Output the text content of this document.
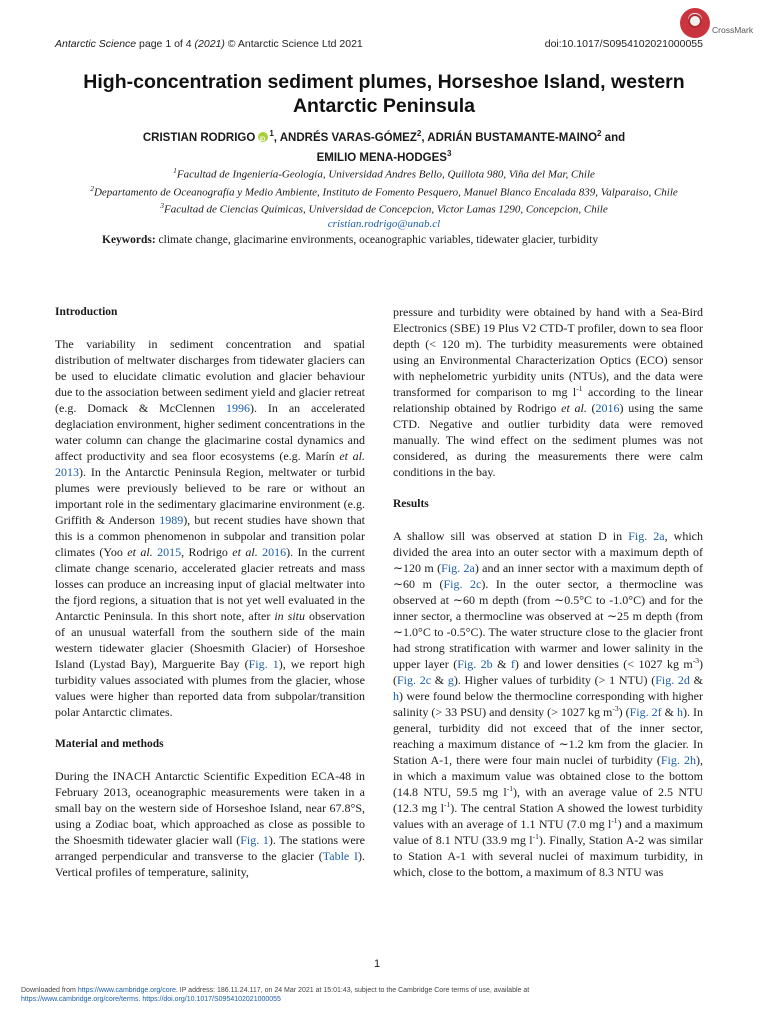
Antarctic Science page 1 of 4 (2021) © Antarctic Science Ltd 2021	doi:10.1017/S0954102021000055
CrossMark
High-concentration sediment plumes, Horseshoe Island, western Antarctic Peninsula
CRISTIAN RODRIGOiD $^1$, ANDRÉS VARAS-GÓMEZ$^2$, ADRIÁN BUSTAMANTE-MAINO$^2$ and
EMILIO MENA-HODGES$^3$
$^1$Facultad de Ingeniería-Geología, Universidad Andres Bello, Quillota 980, Viña del Mar, Chile
$^2$Departamento de Oceanografía y Medio Ambiente, Instituto de Fomento Pesquero, Manuel Blanco Encalada 839, Valparaiso, Chile
$^3$Facultad de Ciencias Químicas, Universidad de Concepcion, Victor Lamas 1290, Concepcion, Chile
cristian.rodrigo@unab.cl
Keywords: climate change, glacimarine environments, oceanographic variables, tidewater glacier, turbidity
Introduction

The variability in sediment concentration and spatial distribution of meltwater discharges from tidewater glaciers can be used to elucidate climatic evolution and glacier behaviour due to the association between sediment yield and glacier retreat (e.g. Domack & McClennen 1996). In an accelerated deglaciation environment, higher sediment concentrations in the water column can change the glacimarine costal dynamics and affect productivity and sea floor ecosystems (e.g. Marín et al. 2013). In the Antarctic Peninsula Region, meltwater or turbid plumes were previously believed to be rare or without an important role in the sedimentary glacimarine environment (e.g. Griffith & Anderson 1989), but recent studies have shown that this is a common phenomenon in subpolar and transition polar climates (Yoo et al. 2015, Rodrigo et al. 2016). In the current climate change scenario, accelerated glacier retreats and mass losses can produce an increasing input of glacial meltwater into the fjord regions, a situation that is not yet well evaluated in the Antarctic Peninsula. In this short note, after in situ observation of an unusual waterfall from the southern side of the main western tidewater glacier (Shoesmith Glacier) of Horseshoe Island (Lystad Bay), Marguerite Bay (Fig. 1), we report high turbidity values associated with plumes from the glacier, whose values were higher than reported data from subpolar/transition polar Antarctic climates.

Material and methods

During the INACH Antarctic Scientific Expedition ECA-48 in February 2013, oceanographic measurements were taken in a small bay on the western side of Horseshoe Island, near 67.8°S, using a Zodiac boat, which approached as close as possible to the Shoesmith tidewater glacier wall (Fig. 1). The stations were arranged perpendicular and transverse to the glacier (Table I). Vertical profiles of temperature, salinity,

pressure and turbidity were obtained by hand with a Sea-Bird Electronics (SBE) 19 Plus V2 CTD-T profiler, down to sea floor depth (< 120 m). The turbidity measurements were obtained using an Environmental Characterization Optics (ECO) sensor with nephelometric yurbidity units (NTUs), and the data were transformed for comparison to mg $l^{-1}$ according to the linear relationship obtained by Rodrigo et al. (2016) using the same CTD. Negative and outlier turbidity data were removed manually. The wind effect on the sediment plumes was not considered, as during the measurements there were calm conditions in the bay.

Results

A shallow sill was observed at station D in Fig. 2a, which divided the area into an outer sector with a maximum depth of ∼120 m (Fig. 2a) and an inner sector with a maximum depth of ∼60 m (Fig. 2c). In the outer sector, a thermocline was observed at ∼60 m depth (from ∼0.5°C to -1.0°C) and for the inner sector, a thermocline was observed at ∼25 m depth (from ∼1.0°C to -0.5°C). The water structure close to the glacier front had strong stratification with warmer and lower salinity in the upper layer (Fig. 2b & f) and lower densities (< 1027 kg $m^{-3}$) (Fig. 2c & g). Higher values of turbidity (> 1 NTU) (Fig. 2d & h) were found below the thermocline corresponding with higher salinity (> 33 PSU) and density (> 1027 kg $m^{-3}$) (Fig. 2f & h). In general, turbidity did not exceed that of the inner sector, reaching a maximum distance of ∼1.2 km from the glacier. In Station A-1, there were four main nuclei of turbidity (Fig. 2h), in which a maximum value was obtained close to the bottom (14.8 NTU, 59.5 mg $l^{-1}$), with an average value of 2.5 NTU (12.3 mg $l^{-1}$). The central Station A showed the lowest turbidity values with an average of 1.1 NTU (7.0 mg $l^{-1}$) and a maximum value of 8.1 NTU (33.9 mg $l^{-1}$). Finally, Station A-2 was similar to Station A-1 with several nuclei of maximum turbidity, in which, close to the bottom, a maximum of 8.3 NTU was

1
Downloaded from https://www.cambridge.org/core. IP address: 186.11.24.117, on 24 Mar 2021 at 15:01:43, subject to the Cambridge Core terms of use, available at
https://www.cambridge.org/core/terms. https://doi.org/10.1017/S0954102021000055
